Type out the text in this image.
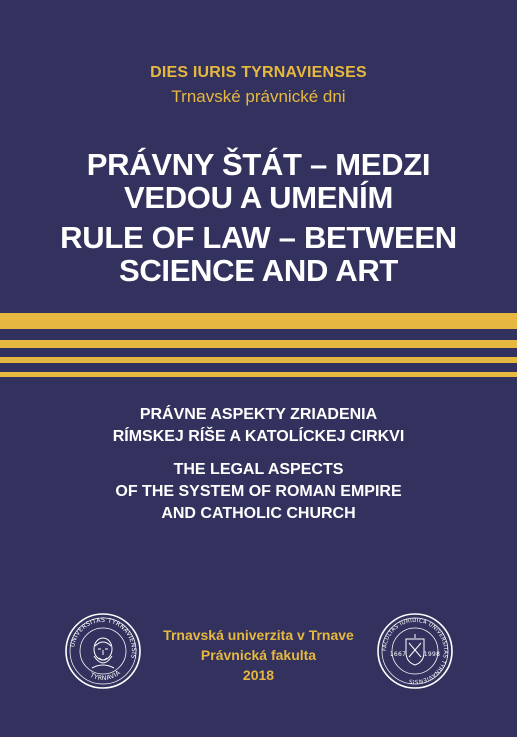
DIES IURIS TYRNAVIENSES
Trnavské právnické dni
PRÁVNY ŠTÁT – MEDZI
VEDOU A UMENÍM
RULE OF LAW – BETWEEN
SCIENCE AND ART
PRÁVNE ASPEKTY ZRIADENIA
RÍMSKEJ RÍŠE A KATOLÍCKEJ CIRKVI
THE LEGAL ASPECTS
OF THE SYSTEM OF ROMAN EMPIRE
AND CATHOLIC CHURCH
UNIVERSITAS TYRNAVIENSIS
TYRNAVIA
Trnavská univerzita v Trnave
Právnická fakulta
2018
FACULTAS IURIDICA UNIVERSITAS TYRNAVIENSIS
1667	1998
